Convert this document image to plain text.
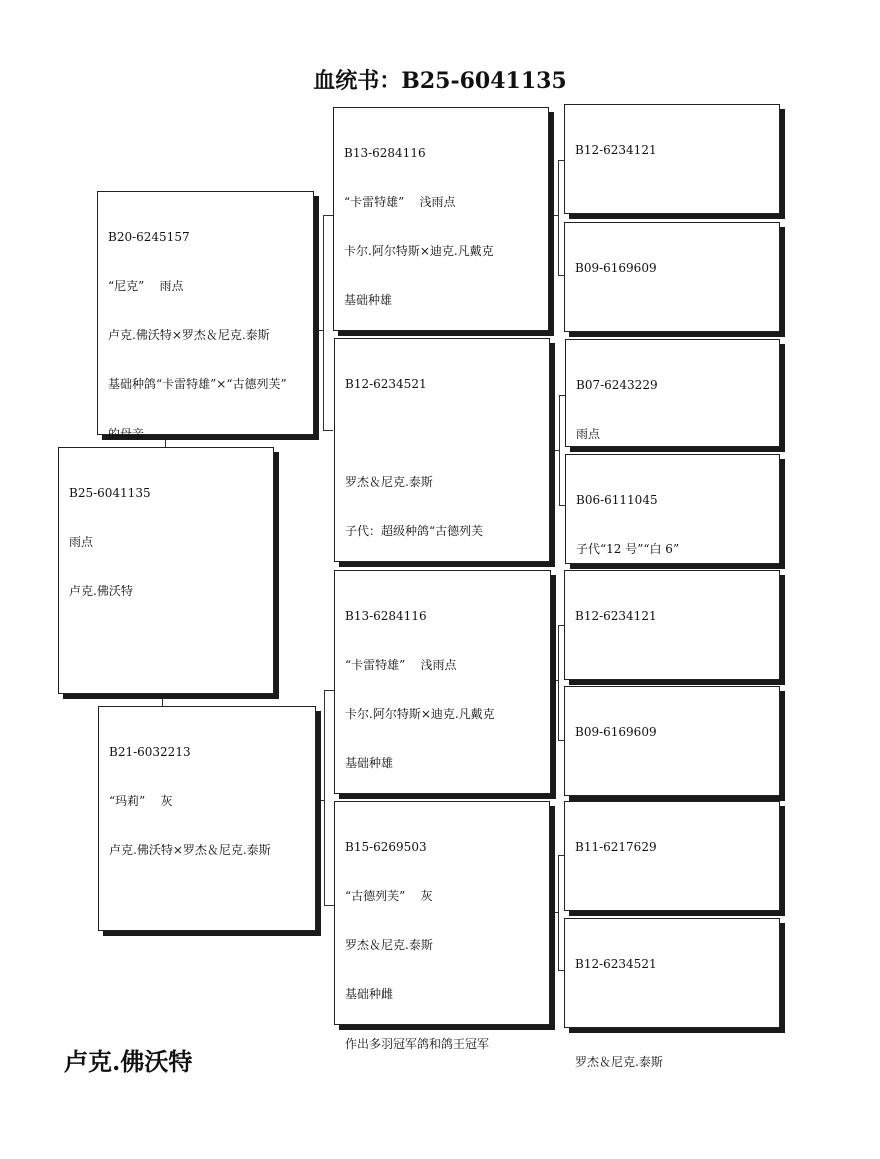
血统书：B25-6041135

B25-6041135

雨点

卢克.佛沃特

B20-6245157

“尼克”    雨点

卢克.佛沃特×罗杰＆尼克.泰斯

基础种鸽“卡雷特雄”×“古德列芙”

的母亲

B21-6032213

“玛莉”    灰

卢克.佛沃特×罗杰＆尼克.泰斯

B13-6284116

“卡雷特雄”    浅雨点

卡尔.阿尔特斯×迪克.凡戴克

基础种雄

B12-6234521

罗杰＆尼克.泰斯

子代：超级种鸽“古德列芙

B13-6284116

“卡雷特雄”    浅雨点

卡尔.阿尔特斯×迪克.凡戴克

基础种雄

B15-6269503

“古德列芙”    灰

罗杰＆尼克.泰斯

基础种雌

作出多羽冠军鸽和鸽王冠军

B12-6234121

B09-6169609

B07-6243229

雨点

B06-6111045

子代“12 号”“白 6”

B12-6234121

B09-6169609

B11-6217629

B12-6234521

罗杰＆尼克.泰斯

卢克.佛沃特
